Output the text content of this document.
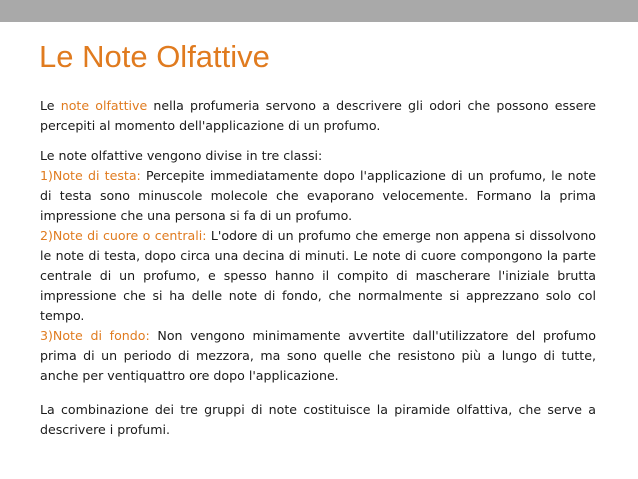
Le Note Olfattive

Le note olfattive nella profumeria servono a descrivere gli odori che possono essere percepiti al momento dell'applicazione di un profumo.

Le note olfattive vengono divise in tre classi:

1)Note di testa: Percepite immediatamente dopo l'applicazione di un profumo, le note di testa sono minuscole molecole che evaporano velocemente. Formano la prima impressione che una persona si fa di un profumo.

2)Note di cuore o centrali: L'odore di un profumo che emerge non appena si dissolvono le note di testa, dopo circa una decina di minuti. Le note di cuore compongono la parte centrale di un profumo, e spesso hanno il compito di mascherare l'iniziale brutta impressione che si ha delle note di fondo, che normalmente si apprezzano solo col tempo.

3)Note di fondo: Non vengono minimamente avvertite dall'utilizzatore del profumo prima di un periodo di mezzora, ma sono quelle che resistono più a lungo di tutte, anche per ventiquattro ore dopo l'applicazione.

La combinazione dei tre gruppi di note costituisce la piramide olfattiva, che serve a descrivere i profumi.
